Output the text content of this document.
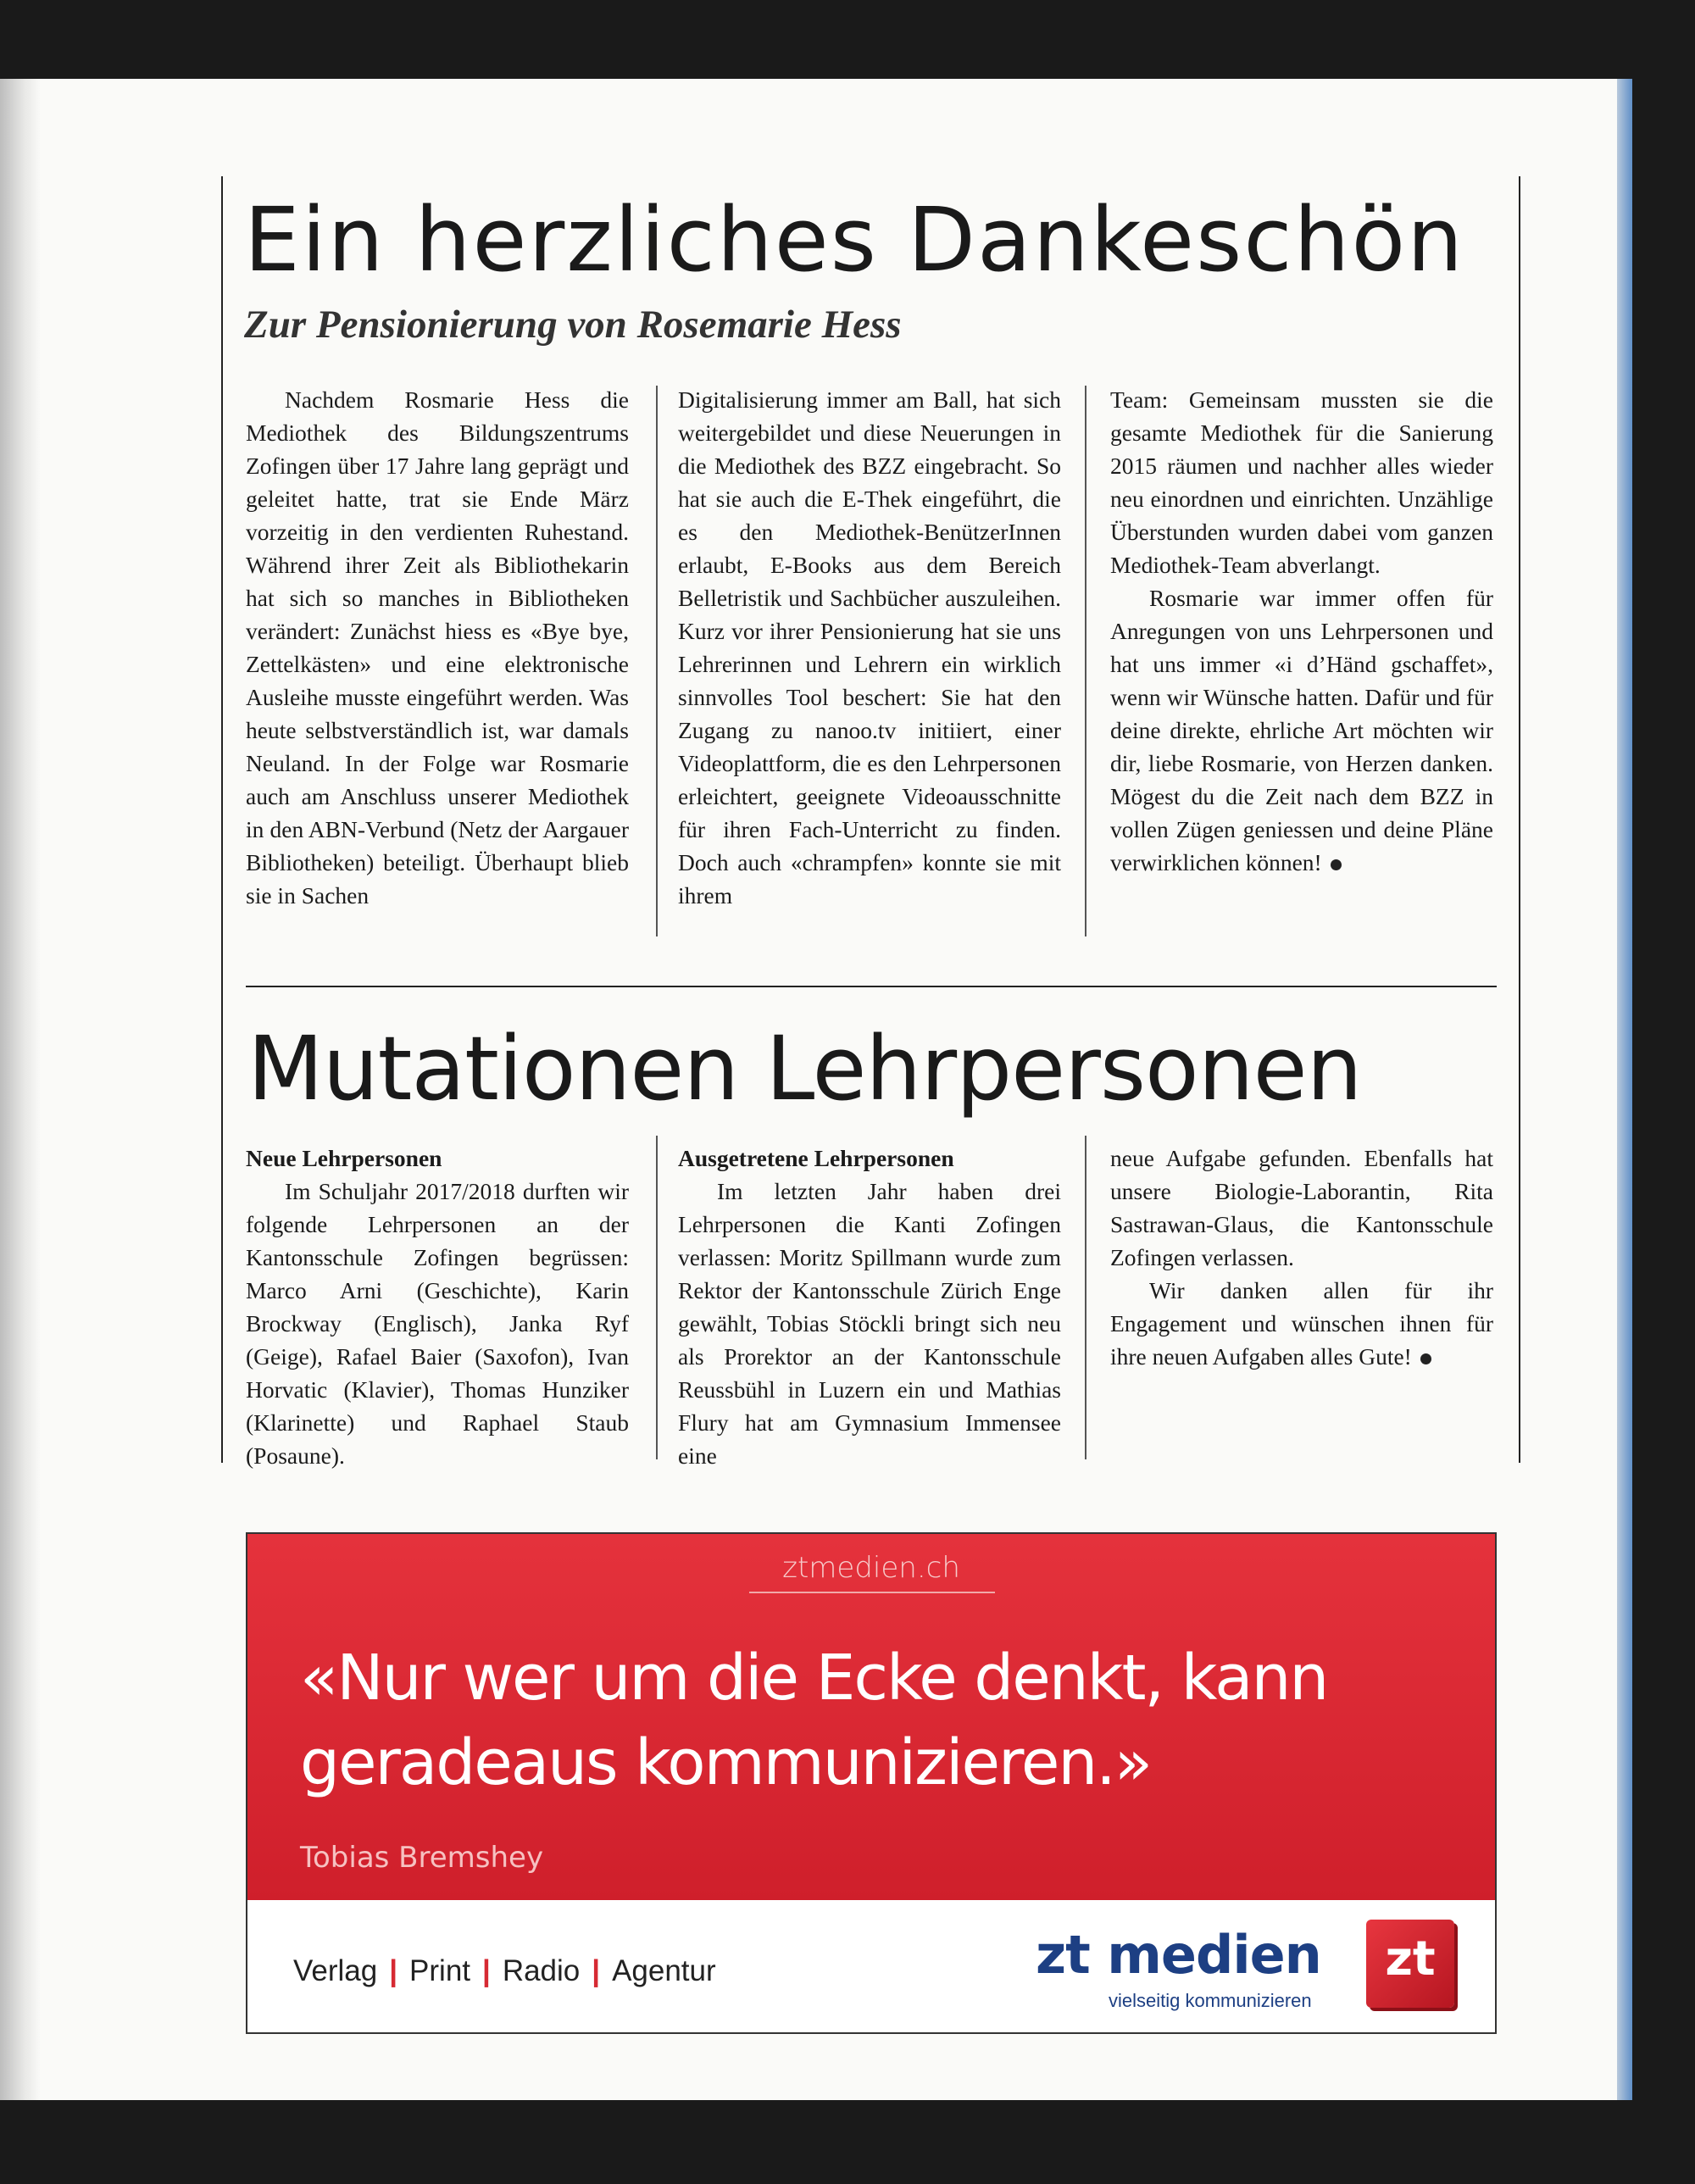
Ein herzliches Dankeschön
Zur Pensionierung von Rosemarie Hess

Nachdem Rosmarie Hess die Mediothek des Bildungszentrums Zofingen über 17 Jahre lang geprägt und geleitet hatte, trat sie Ende März vorzeitig in den verdienten Ruhestand. Während ihrer Zeit als Bibliothekarin hat sich so manches in Bibliotheken verändert: Zunächst hiess es «Bye bye, Zettelkästen» und eine elektronische Ausleihe musste eingeführt werden. Was heute selbstverständlich ist, war damals Neuland. In der Folge war Rosmarie auch am Anschluss unserer Mediothek in den ABN-Verbund (Netz der Aargauer Bibliotheken) beteiligt. Überhaupt blieb sie in Sachen

Digitalisierung immer am Ball, hat sich weitergebildet und diese Neuerungen in die Mediothek des BZZ eingebracht. So hat sie auch die E-Thek eingeführt, die es den Mediothek-BenützerInnen erlaubt, E-Books aus dem Bereich Belletristik und Sachbücher auszuleihen. Kurz vor ihrer Pensionierung hat sie uns Lehrerinnen und Lehrern ein wirklich sinnvolles Tool beschert: Sie hat den Zugang zu nanoo.tv initiiert, einer Videoplattform, die es den Lehrpersonen erleichtert, geeignete Videoausschnitte für ihren Fach-Unterricht zu finden. Doch auch «chrampfen» konnte sie mit ihrem

Team: Gemeinsam mussten sie die gesamte Mediothek für die Sanierung 2015 räumen und nachher alles wieder neu einordnen und einrichten. Unzählige Überstunden wurden dabei vom ganzen Mediothek-Team abverlangt.

Rosmarie war immer offen für Anregungen von uns Lehrpersonen und hat uns immer «i d’Händ gschaffet», wenn wir Wünsche hatten. Dafür und für deine direkte, ehrliche Art möchten wir dir, liebe Rosmarie, von Herzen danken. Mögest du die Zeit nach dem BZZ in vollen Zügen geniessen und deine Pläne verwirklichen können!

Mutationen Lehrpersonen

Neue Lehrpersonen

Im Schuljahr 2017/2018 durften wir folgende Lehrpersonen an der Kantonsschule Zofingen begrüssen: Marco Arni (Geschichte), Karin Brockway (Englisch), Janka Ryf (Geige), Rafael Baier (Saxofon), Ivan Horvatic (Klavier), Thomas Hunziker (Klarinette) und Raphael Staub (Posaune).

Ausgetretene Lehrpersonen

Im letzten Jahr haben drei Lehrpersonen die Kanti Zofingen verlassen: Moritz Spillmann wurde zum Rektor der Kantonsschule Zürich Enge gewählt, Tobias Stöckli bringt sich neu als Prorektor an der Kantonsschule Reussbühl in Luzern ein und Mathias Flury hat am Gymnasium Immensee eine

neue Aufgabe gefunden. Ebenfalls hat unsere Biologie-Laborantin, Rita Sastrawan-Glaus, die Kantonsschule Zofingen verlassen.

Wir danken allen für ihr Engagement und wünschen ihnen für ihre neuen Aufgaben alles Gute!

ztmedien.ch

«Nur wer um die Ecke denkt, kann geradeaus kommunizieren.»

Tobias Bremshey
Verlag | Print | Radio | Agentur	zt medien
vielseitig kommunizieren
zt
